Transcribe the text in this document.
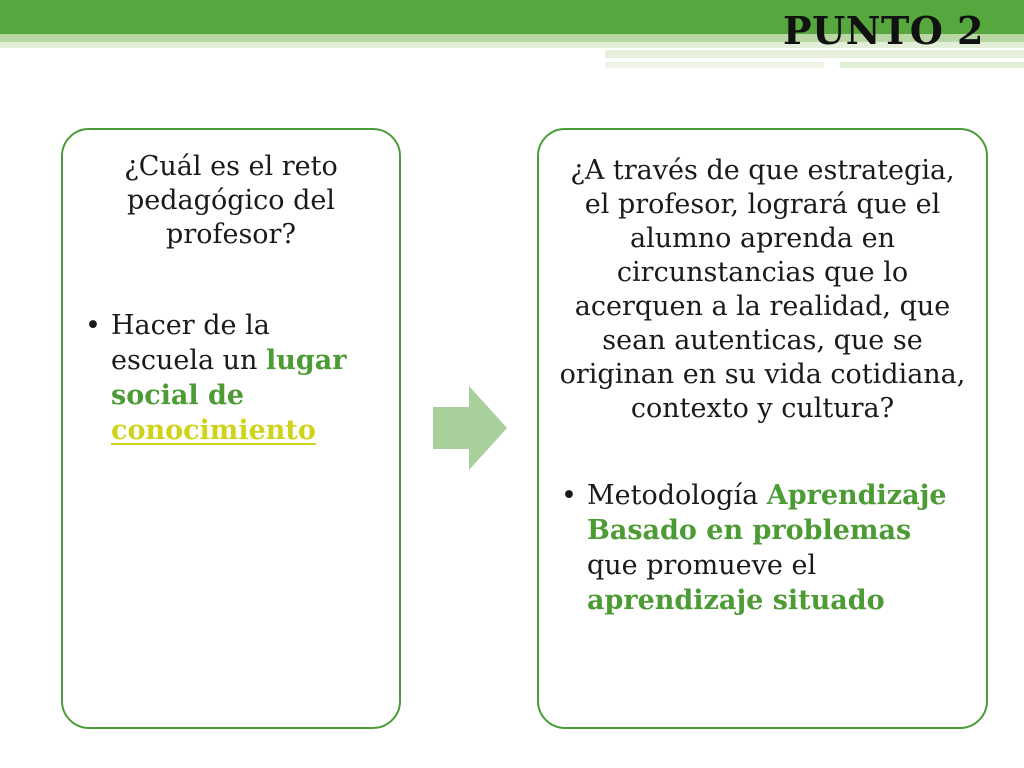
PUNTO 2

¿Cuál es el reto pedagógico del profesor?

• Hacer de la escuela un lugar social de conocimiento

¿A través de que estrategia, el profesor, logrará que el alumno aprenda en circunstancias que lo acerquen a la realidad, que sean autenticas, que se originan en su vida cotidiana, contexto y cultura?

• Metodología Aprendizaje Basado en problemas que promueve el aprendizaje situado
